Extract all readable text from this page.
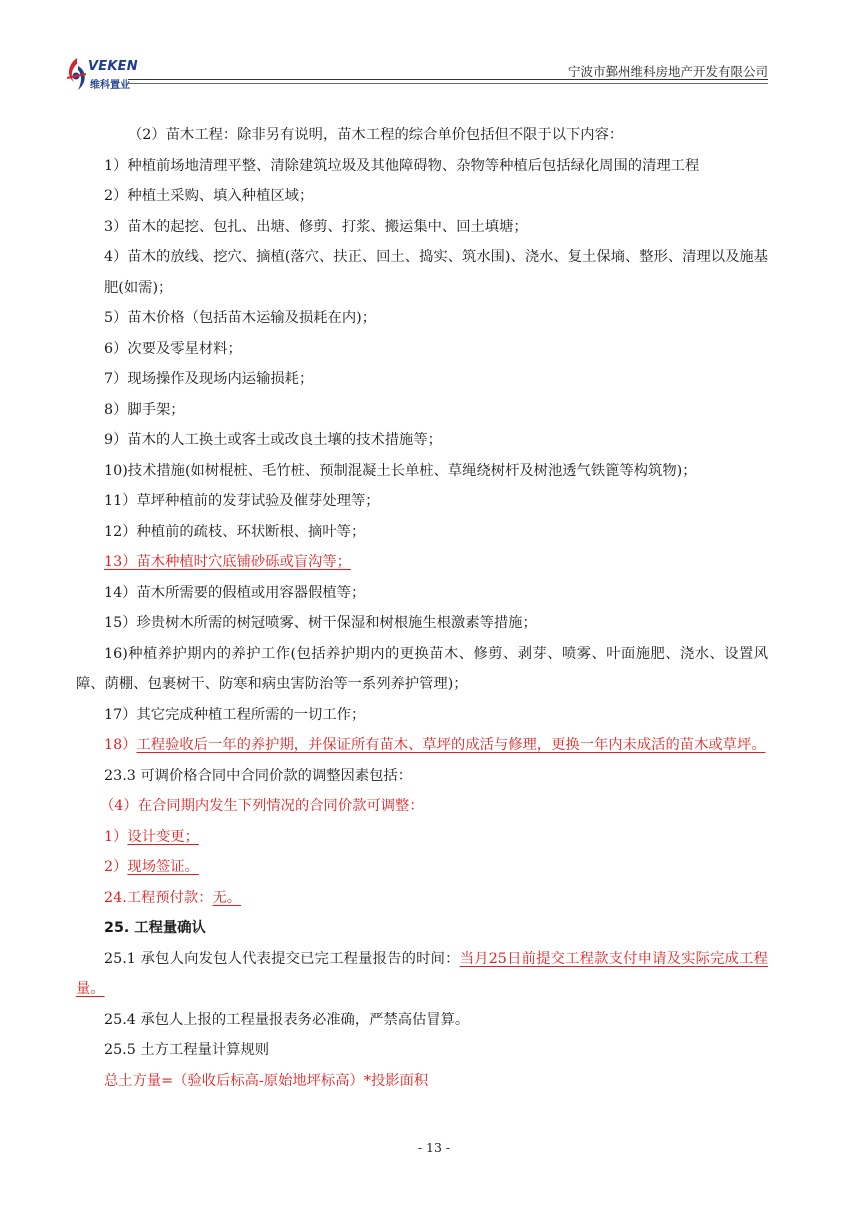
VEKEN
维科置业
宁波市鄞州维科房地产开发有限公司

（2）苗木工程：除非另有说明，苗木工程的综合单价包括但不限于以下内容：

1）种植前场地清理平整、清除建筑垃圾及其他障碍物、杂物等种植后包括绿化周围的清理工程

2）种植土采购、填入种植区域；

3）苗木的起挖、包扎、出塘、修剪、打浆、搬运集中、回土填塘；

4）苗木的放线、挖穴、摘植(落穴、扶正、回土、捣实、筑水围)、浇水、复土保墒、整形、清理以及施基肥(如需)；

5）苗木价格（包括苗木运输及损耗在内)；

6）次要及零星材料；

7）现场操作及现场内运输损耗；

8）脚手架；

9）苗木的人工换土或客土或改良土壤的技术措施等；

10)技术措施(如树棍桩、毛竹桩、预制混凝土长单桩、草绳绕树杆及树池透气铁篦等构筑物)；

11）草坪种植前的发芽试验及催芽处理等；

12）种植前的疏枝、环状断根、摘叶等；

13）苗木种植时穴底铺砂砾或盲沟等；

14）苗木所需要的假植或用容器假植等；

15）珍贵树木所需的树冠喷雾、树干保湿和树根施生根激素等措施；

16)种植养护期内的养护工作(包括养护期内的更换苗木、修剪、剥芽、喷雾、叶面施肥、浇水、设置风障、荫棚、包裹树干、防寒和病虫害防治等一系列养护管理)；

17）其它完成种植工程所需的一切工作；

18）工程验收后一年的养护期，并保证所有苗木、草坪的成活与修理，更换一年内未成活的苗木或草坪。

23.3 可调价格合同中合同价款的调整因素包括：

（4）在合同期内发生下列情况的合同价款可调整：

1）设计变更；

2）现场签证。

24.工程预付款：无。

25. 工程量确认

25.1 承包人向发包人代表提交已完工程量报告的时间：当月25日前提交工程款支付申请及实际完成工程量。

25.4 承包人上报的工程量报表务必准确，严禁高估冒算。

25.5 土方工程量计算规则

总土方量=（验收后标高-原始地坪标高）*投影面积

- 13 -
